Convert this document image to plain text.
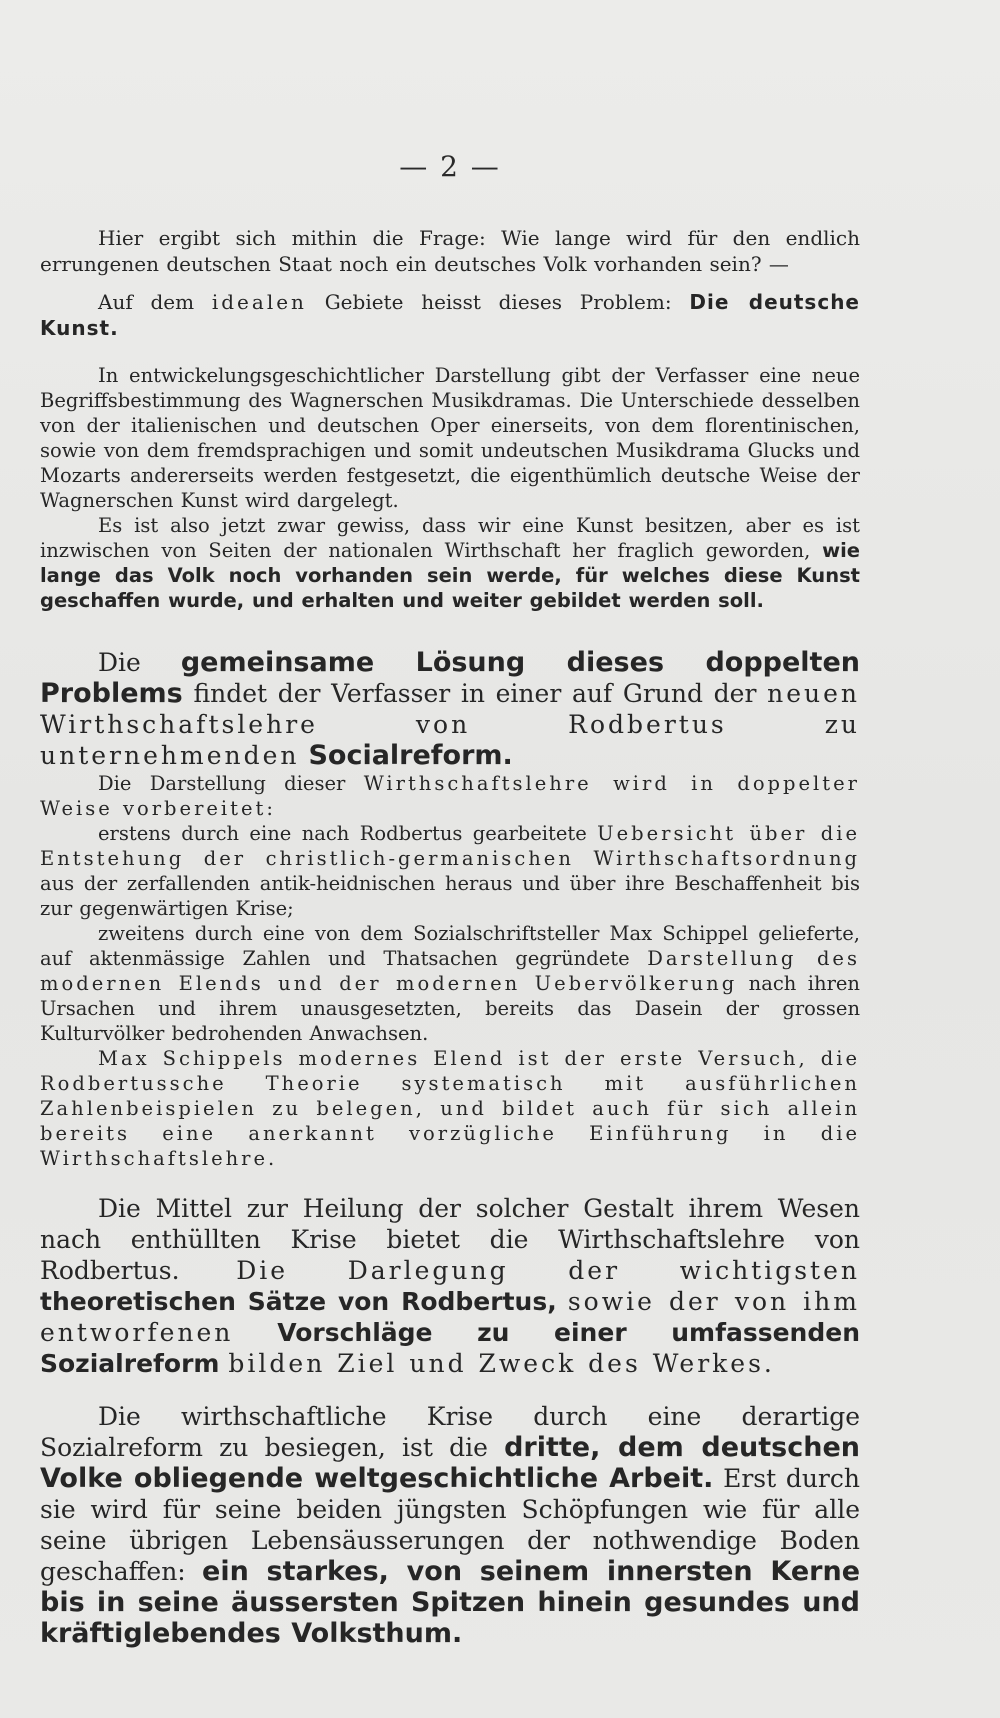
— 2 —

Hier ergibt sich mithin die Frage: Wie lange wird für den endlich errungenen deutschen Staat noch ein deutsches Volk vorhanden sein? —

Auf dem idealen Gebiete heisst dieses Problem: Die deutsche Kunst.

In entwickelungsgeschichtlicher Darstellung gibt der Verfasser eine neue Begriffsbestimmung des Wagnerschen Musikdramas. Die Unterschiede desselben von der italienischen und deutschen Oper einerseits, von dem florentinischen, sowie von dem fremdsprachigen und somit undeutschen Musikdrama Glucks und Mozarts andererseits werden festgesetzt, die eigenthümlich deutsche Weise der Wagnerschen Kunst wird dargelegt.

Es ist also jetzt zwar gewiss, dass wir eine Kunst besitzen, aber es ist inzwischen von Seiten der nationalen Wirthschaft her fraglich geworden, wie lange das Volk noch vorhanden sein werde, für welches diese Kunst geschaffen wurde, und erhalten und weiter gebildet werden soll.

Die gemeinsame Lösung dieses doppelten Problems findet der Verfasser in einer auf Grund der neuen Wirthschaftslehre von Rodbertus zu unternehmenden Socialreform.

Die Darstellung dieser Wirthschaftslehre wird in doppelter Weise vorbereitet:

erstens durch eine nach Rodbertus gearbeitete Uebersicht über die Entstehung der christlich-germanischen Wirthschaftsordnung aus der zerfallenden antik-heidnischen heraus und über ihre Beschaffenheit bis zur gegenwärtigen Krise;

zweitens durch eine von dem Sozialschriftsteller Max Schippel gelieferte, auf aktenmässige Zahlen und Thatsachen gegründete Darstellung des modernen Elends und der modernen Uebervölkerung nach ihren Ursachen und ihrem unausgesetzten, bereits das Dasein der grossen Kulturvölker bedrohenden Anwachsen.

Max Schippels modernes Elend ist der erste Versuch, die Rodbertussche Theorie systematisch mit ausführlichen Zahlenbeispielen zu belegen, und bildet auch für sich allein bereits eine anerkannt vorzügliche Einführung in die Wirthschaftslehre.

Die Mittel zur Heilung der solcher Gestalt ihrem Wesen nach enthüllten Krise bietet die Wirthschaftslehre von Rodbertus. Die Darlegung der wichtigsten theoretischen Sätze von Rodbertus, sowie der von ihm entworfenen Vorschläge zu einer umfassenden Sozialreform bilden Ziel und Zweck des Werkes.

Die wirthschaftliche Krise durch eine derartige Sozialreform zu besiegen, ist die dritte, dem deutschen Volke obliegende weltgeschichtliche Arbeit. Erst durch sie wird für seine beiden jüngsten Schöpfungen wie für alle seine übrigen Lebensäusserungen der nothwendige Boden geschaffen: ein starkes, von seinem innersten Kerne bis in seine äussersten Spitzen hinein gesundes und kräftiglebendes Volksthum.
